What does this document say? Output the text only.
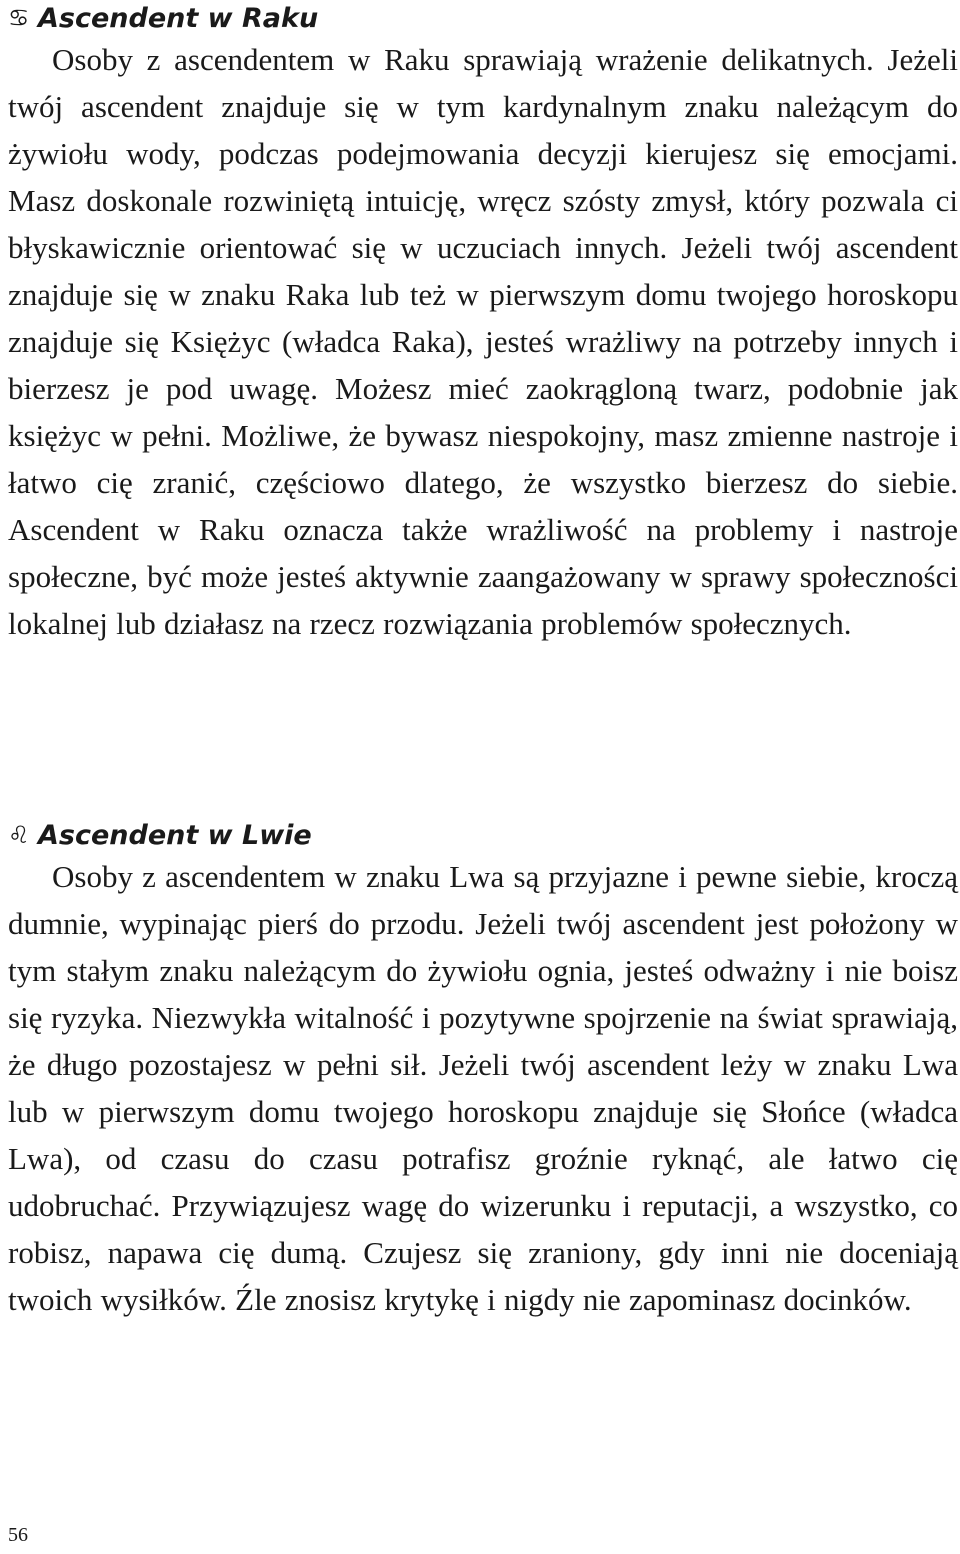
♋ Ascendent w Raku

Osoby z ascendentem w Raku sprawiają wrażenie delikatnych. Jeżeli twój ascendent znajduje się w tym kardynalnym znaku należącym do żywiołu wody, podczas podejmowania decyzji kierujesz się emocjami. Masz doskonale rozwiniętą intuicję, wręcz szósty zmysł, który pozwala ci błyskawicznie orientować się w uczuciach innych. Jeżeli twój ascendent znajduje się w znaku Raka lub też w pierwszym domu twojego horoskopu znajduje się Księżyc (władca Raka), jesteś wrażliwy na potrzeby innych i bierzesz je pod uwagę. Możesz mieć zaokrągloną twarz, podobnie jak księżyc w pełni. Możliwe, że bywasz niespokojny, masz zmienne nastroje i łatwo cię zranić, częściowo dlatego, że wszystko bierzesz do siebie. Ascendent w Raku oznacza także wrażliwość na problemy i nastroje społeczne, być może jesteś aktywnie zaangażowany w sprawy społeczności lokalnej lub działasz na rzecz rozwiązania problemów społecznych.

♌ Ascendent w Lwie

Osoby z ascendentem w znaku Lwa są przyjazne i pewne siebie, kroczą dumnie, wypinając pierś do przodu. Jeżeli twój ascendent jest położony w tym stałym znaku należącym do żywiołu ognia, jesteś odważny i nie boisz się ryzyka. Niezwykła witalność i pozytywne spojrzenie na świat sprawiają, że długo pozostajesz w pełni sił. Jeżeli twój ascendent leży w znaku Lwa lub w pierwszym domu twojego horoskopu znajduje się Słońce (władca Lwa), od czasu do czasu potrafisz groźnie ryknąć, ale łatwo cię udobruchać. Przywiązujesz wagę do wizerunku i reputacji, a wszystko, co robisz, napawa cię dumą. Czujesz się zraniony, gdy inni nie doceniają twoich wysiłków. Źle znosisz krytykę i nigdy nie zapominasz docinków.

56
